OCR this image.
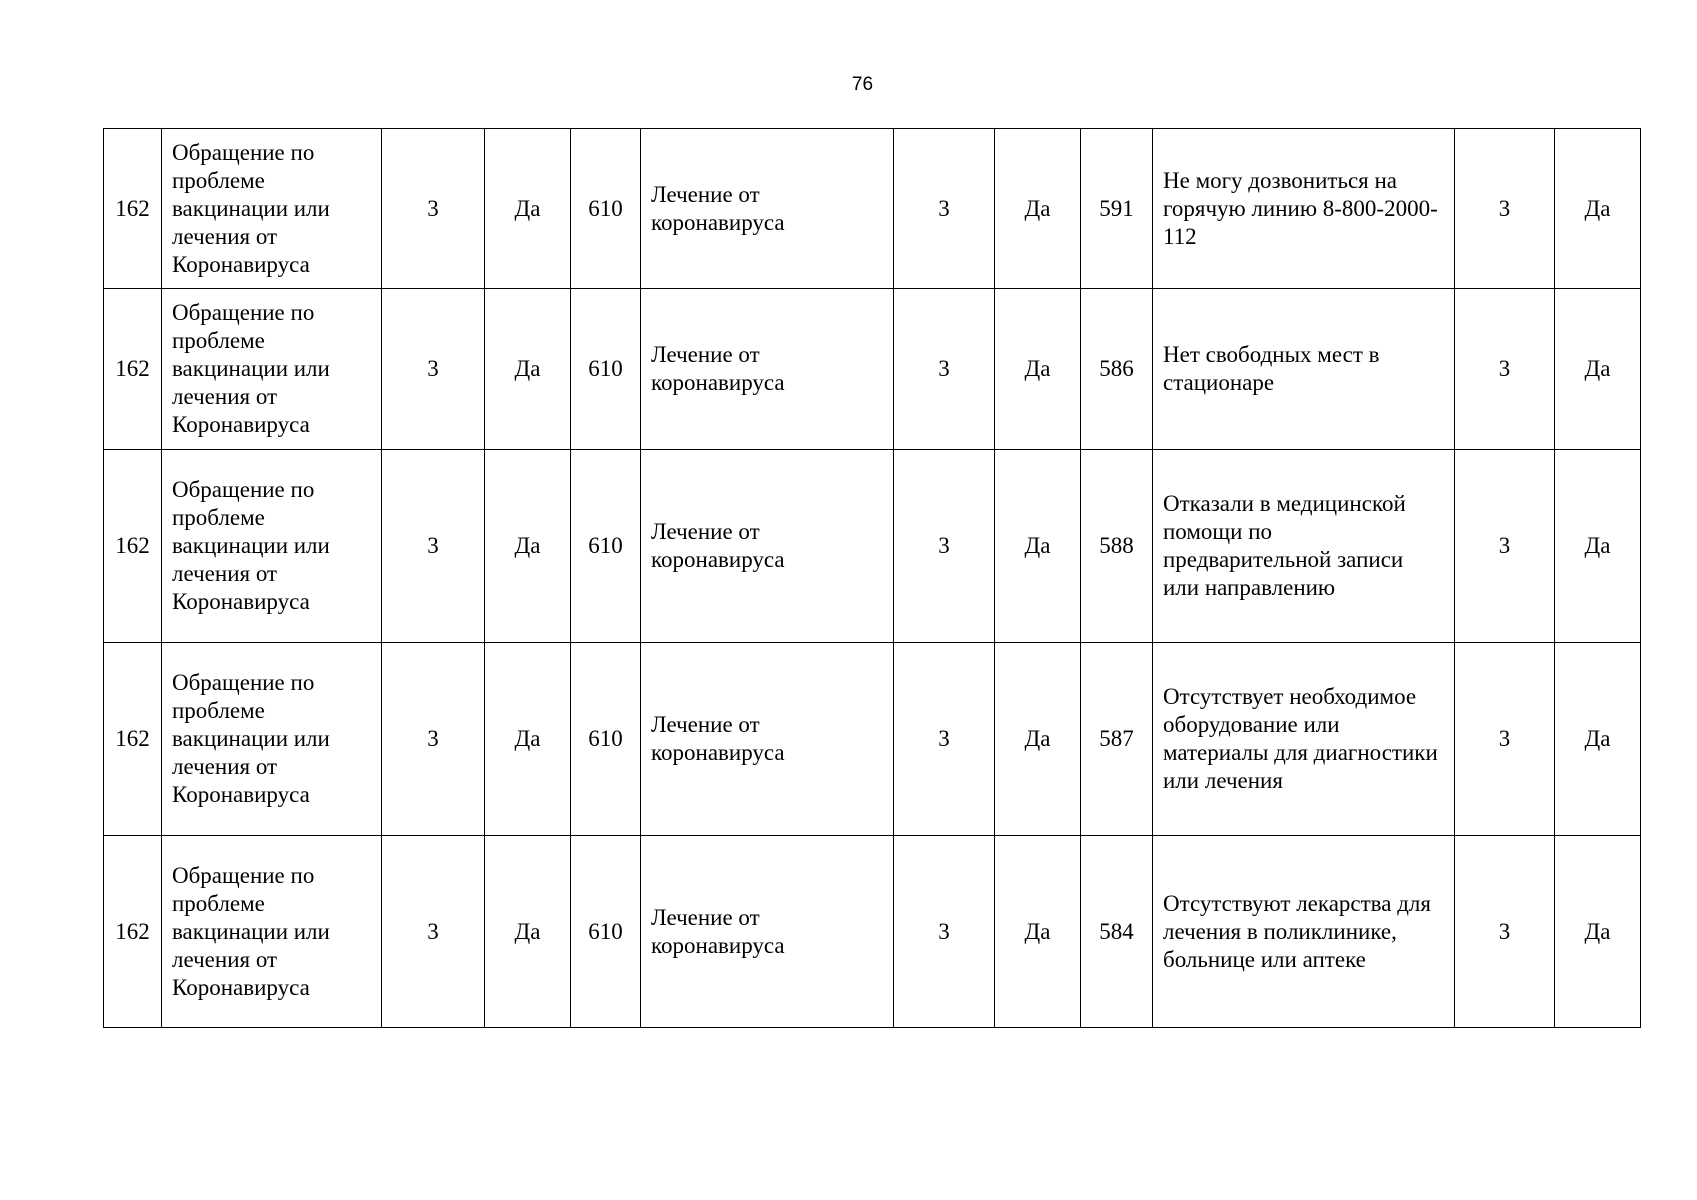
76
162	Обращение по проблеме вакцинации или лечения от Коронавируса	3	Да	610	Лечение от коронавируса	3	Да	591	Не могу дозвониться на горячую линию 8-800-2000-112	3	Да
162	Обращение по проблеме вакцинации или лечения от Коронавируса	3	Да	610	Лечение от коронавируса	3	Да	586	Нет свободных мест в стационаре	3	Да
162	Обращение по проблеме вакцинации или лечения от Коронавируса	3	Да	610	Лечение от коронавируса	3	Да	588	Отказали в медицинской помощи по предварительной записи или направлению	3	Да
162	Обращение по проблеме вакцинации или лечения от Коронавируса	3	Да	610	Лечение от коронавируса	3	Да	587	Отсутствует необходимое оборудование или материалы для диагностики или лечения	3	Да
162	Обращение по проблеме вакцинации или лечения от Коронавируса	3	Да	610	Лечение от коронавируса	3	Да	584	Отсутствуют лекарства для лечения в поликлинике, больнице или аптеке	3	Да
